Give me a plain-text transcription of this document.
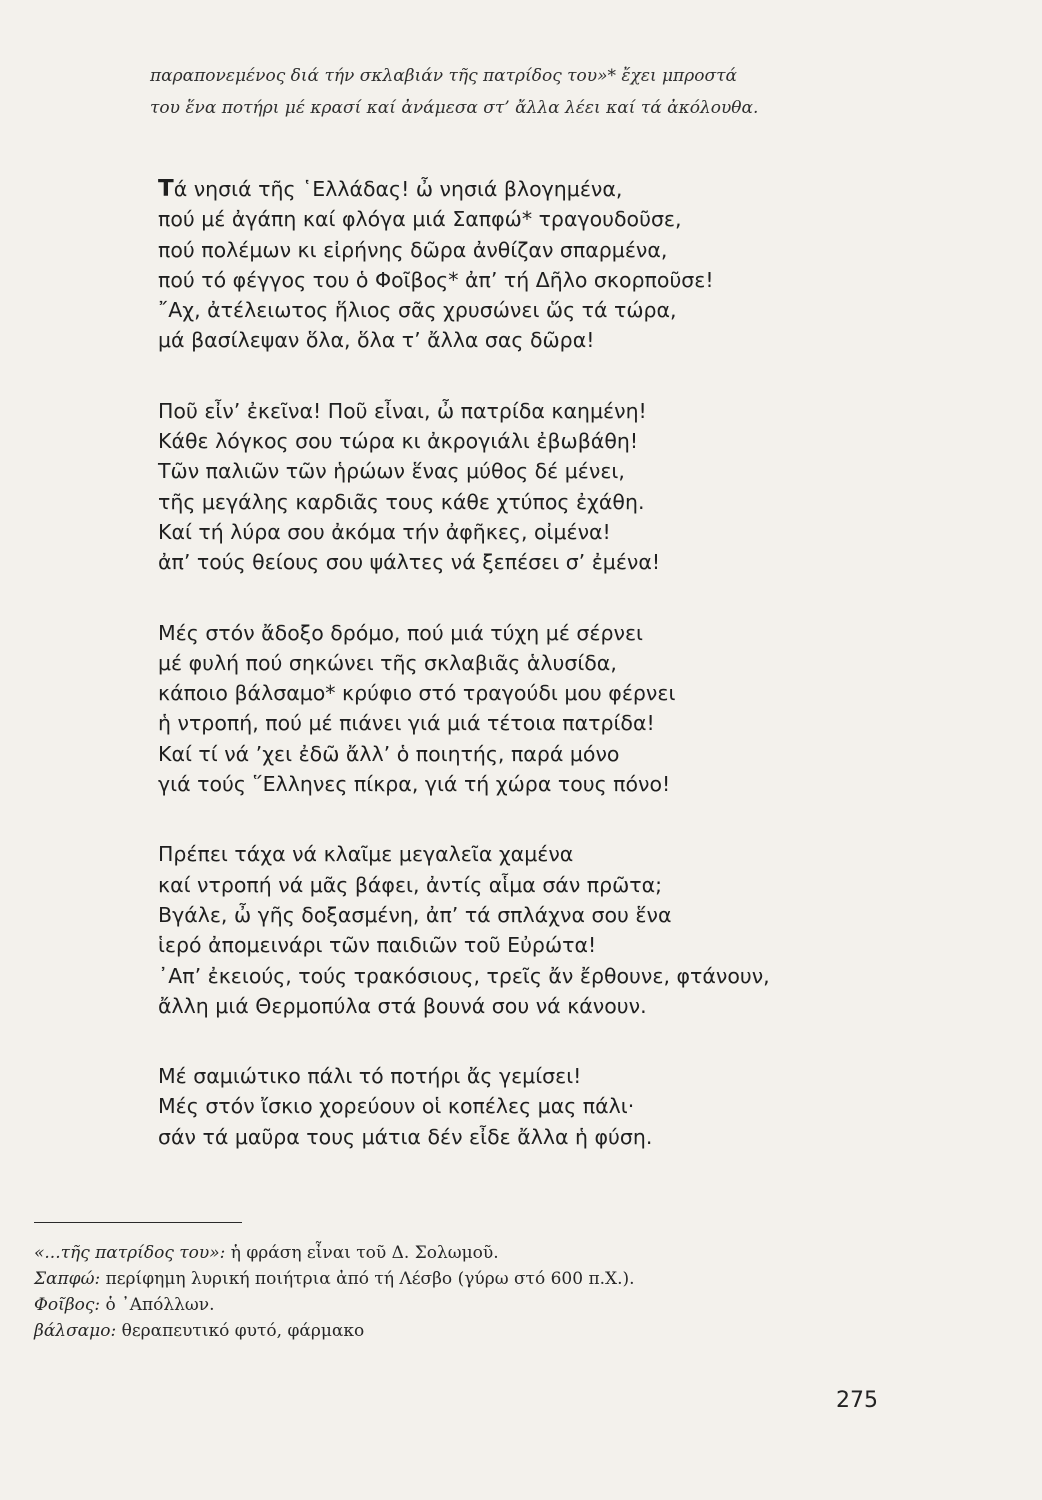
παραπονεμένος διά τήν σκλαβιάν τῆς πατρίδος του»* ἔχει μπροστά
του ἕνα ποτήρι μέ κρασί καί ἀνάμεσα στ’ ἄλλα λέει καί τά ἀκόλουθα.
Τά νησιά τῆς ῾Ελλάδας! ὦ νησιά βλογημένα,
πού μέ ἀγάπη καί φλόγα μιά Σαπφώ* τραγουδοῦσε,
πού πολέμων κι εἰρήνης δῶρα ἀνθίζαν σπαρμένα,
πού τό φέγγος του ὁ Φοῖβος* ἀπ’ τή Δῆλο σκορποῦσε!
῎Αχ, ἀτέλειωτος ἥλιος σᾶς χρυσώνει ὥς τά τώρα,
μά βασίλεψαν ὅλα, ὅλα τ’ ἄλλα σας δῶρα!
Ποῦ εἶν’ ἐκεῖνα! Ποῦ εἶναι, ὦ πατρίδα καημένη!
Κάθε λόγκος σου τώρα κι ἀκρογιάλι ἐβωβάθη!
Τῶν παλιῶν τῶν ἡρώων ἕνας μύθος δέ μένει,
τῆς μεγάλης καρδιᾶς τους κάθε χτύπος ἐχάθη.
Καί τή λύρα σου ἀκόμα τήν ἀφῆκες, οἰμένα!
ἀπ’ τούς θείους σου ψάλτες νά ξεπέσει σ’ ἐμένα!
Μές στόν ἄδοξο δρόμο, πού μιά τύχη μέ σέρνει
μέ φυλή πού σηκώνει τῆς σκλαβιᾶς ἁλυσίδα,
κάποιο βάλσαμο* κρύφιο στό τραγούδι μου φέρνει
ἡ ντροπή, πού μέ πιάνει γιά μιά τέτοια πατρίδα!
Καί τί νά ’χει ἐδῶ ἄλλ’ ὁ ποιητής, παρά μόνο
γιά τούς ῞Ελληνες πίκρα, γιά τή χώρα τους πόνο!
Πρέπει τάχα νά κλαῖμε μεγαλεῖα χαμένα
καί ντροπή νά μᾶς βάφει, ἀντίς αἷμα σάν πρῶτα;
Βγάλε, ὦ γῆς δοξασμένη, ἀπ’ τά σπλάχνα σου ἕνα
ἱερό ἀπομεινάρι τῶν παιδιῶν τοῦ Εὐρώτα!
᾿Απ’ ἐκειούς, τούς τρακόσιους, τρεῖς ἄν ἔρθουνε, φτάνουν,
ἄλλη μιά Θερμοπύλα στά βουνά σου νά κάνουν.
Μέ σαμιώτικο πάλι τό ποτήρι ἄς γεμίσει!
Μές στόν ἴσκιο χορεύουν οἱ κοπέλες μας πάλι·
σάν τά μαῦρα τους μάτια δέν εἶδε ἄλλα ἡ φύση.
«...τῆς πατρίδος του»: ἡ φράση εἶναι τοῦ Δ. Σολωμοῦ.
Σαπφώ: περίφημη λυρική ποιήτρια ἀπό τή Λέσβο (γύρω στό 600 π.Χ.).
Φοῖβος: ὁ ᾿Απόλλων.
βάλσαμο: θεραπευτικό φυτό, φάρμακο
275
